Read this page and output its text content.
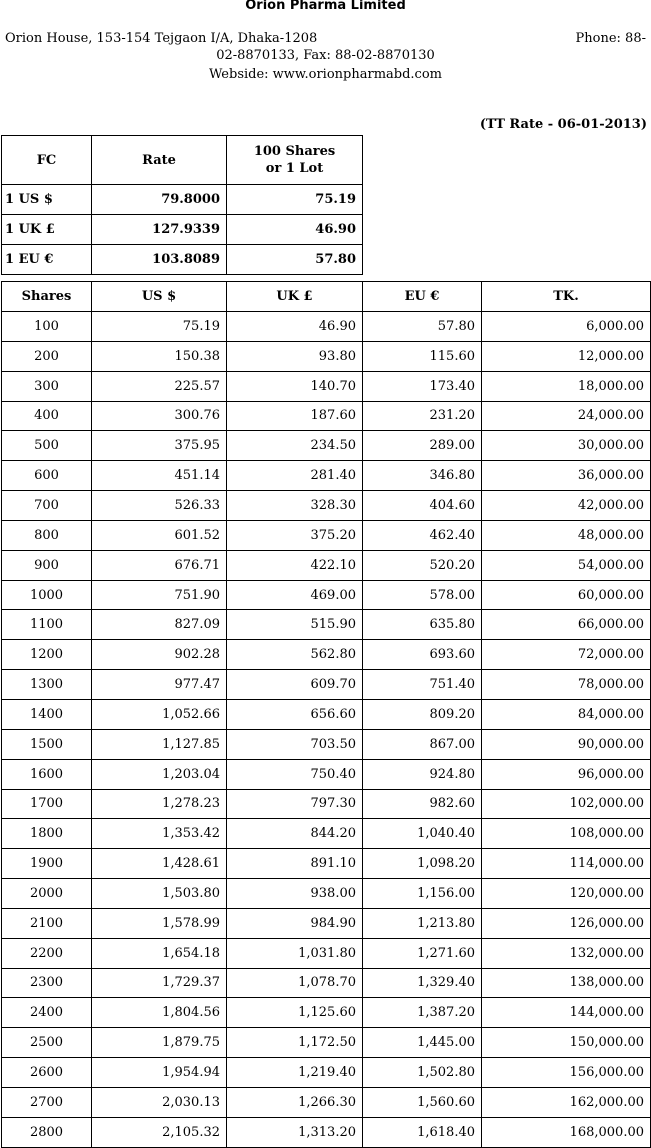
Orion Pharma Limited
Orion House, 153-154 Tejgaon I/A, Dhaka-1208	Phone: 88-
02-8870133, Fax: 88-02-8870130
Webside: www.orionpharmabd.com
(TT Rate - 06-01-2013)
FC	Rate	100 Shares
or 1 Lot
1 US $	79.8000	75.19
1 UK £	127.9339	46.90
1 EU €	103.8089	57.80
Shares	US $	UK £	EU €	TK.
100	75.19	46.90	57.80	6,000.00
200	150.38	93.80	115.60	12,000.00
300	225.57	140.70	173.40	18,000.00
400	300.76	187.60	231.20	24,000.00
500	375.95	234.50	289.00	30,000.00
600	451.14	281.40	346.80	36,000.00
700	526.33	328.30	404.60	42,000.00
800	601.52	375.20	462.40	48,000.00
900	676.71	422.10	520.20	54,000.00
1000	751.90	469.00	578.00	60,000.00
1100	827.09	515.90	635.80	66,000.00
1200	902.28	562.80	693.60	72,000.00
1300	977.47	609.70	751.40	78,000.00
1400	1,052.66	656.60	809.20	84,000.00
1500	1,127.85	703.50	867.00	90,000.00
1600	1,203.04	750.40	924.80	96,000.00
1700	1,278.23	797.30	982.60	102,000.00
1800	1,353.42	844.20	1,040.40	108,000.00
1900	1,428.61	891.10	1,098.20	114,000.00
2000	1,503.80	938.00	1,156.00	120,000.00
2100	1,578.99	984.90	1,213.80	126,000.00
2200	1,654.18	1,031.80	1,271.60	132,000.00
2300	1,729.37	1,078.70	1,329.40	138,000.00
2400	1,804.56	1,125.60	1,387.20	144,000.00
2500	1,879.75	1,172.50	1,445.00	150,000.00
2600	1,954.94	1,219.40	1,502.80	156,000.00
2700	2,030.13	1,266.30	1,560.60	162,000.00
2800	2,105.32	1,313.20	1,618.40	168,000.00
